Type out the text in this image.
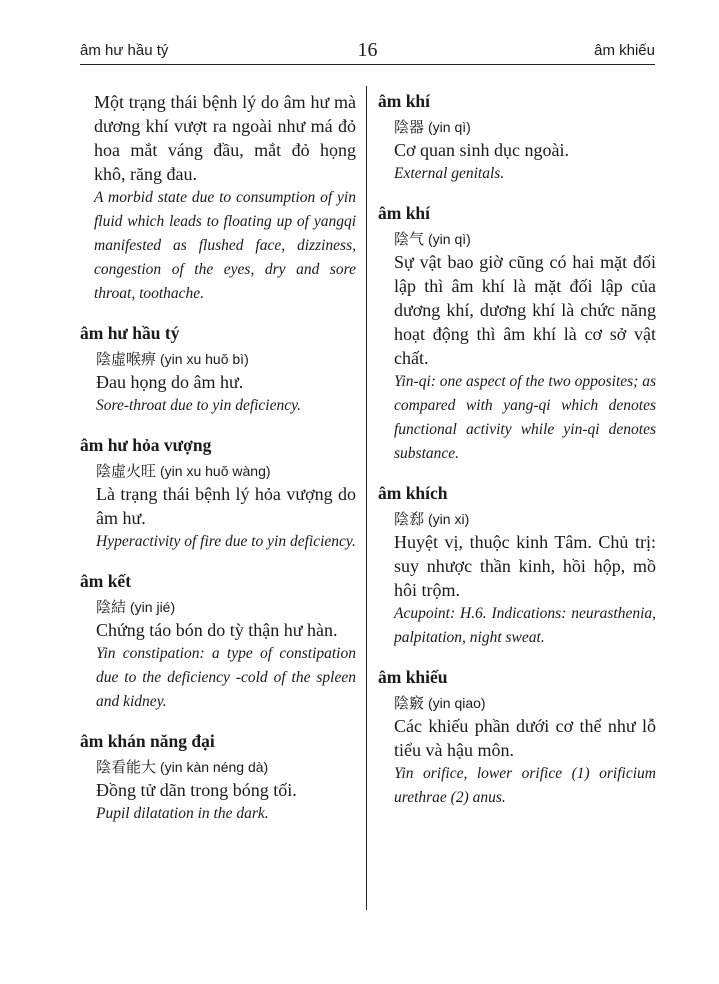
âm hư hầu tý	16	âm khiếu
Một trạng thái bệnh lý do âm hư mà dương khí vượt ra ngoài như má đỏ hoa mắt váng đầu, mắt đỏ họng khô, răng đau.
A morbid state due to consumption of yin fluid which leads to floating up of yangqi manifested as flushed face, dizziness, congestion of the eyes, dry and sore throat, toothache.
âm hư hầu tý
陰虛喉痹 (yin xu huŏ bì)
Đau họng do âm hư.
Sore-throat due to yin deficiency.
âm hư hỏa vượng
陰虛火旺 (yin xu huŏ wàng)
Là trạng thái bệnh lý hỏa vượng do âm hư.
Hyperactivity of fire due to yin deficiency.
âm kết
陰結 (yin jié)
Chứng táo bón do tỳ thận hư hàn.
Yin constipation: a type of constipation due to the deficiency -cold of the spleen and kidney.
âm khán năng đại
陰看能大 (yin kàn néng dà)
Đồng tử dãn trong bóng tối.
Pupil dilatation in the dark.
âm khí
陰器 (yin qì)
Cơ quan sinh dục ngoài.
External genitals.
âm khí
陰气 (yin qì)
Sự vật bao giờ cũng có hai mặt đối lập thì âm khí là mặt đối lập của dương khí, dương khí là chức năng hoạt động thì âm khí là cơ sở vật chất.
Yin-qi: one aspect of the two opposites; as compared with yang-qi which denotes functional activity while yin-qi denotes substance.
âm khích
陰郄 (yin xi)
Huyệt vị, thuộc kinh Tâm. Chủ trị: suy nhược thần kinh, hồi hộp, mồ hôi trộm.
Acupoint: H.6. Indications: neurasthenia, palpitation, night sweat.
âm khiếu
陰竅 (yin qiao)
Các khiếu phần dưới cơ thể như lỗ tiểu và hậu môn.
Yin orifice, lower orifice (1) orificium urethrae (2) anus.
